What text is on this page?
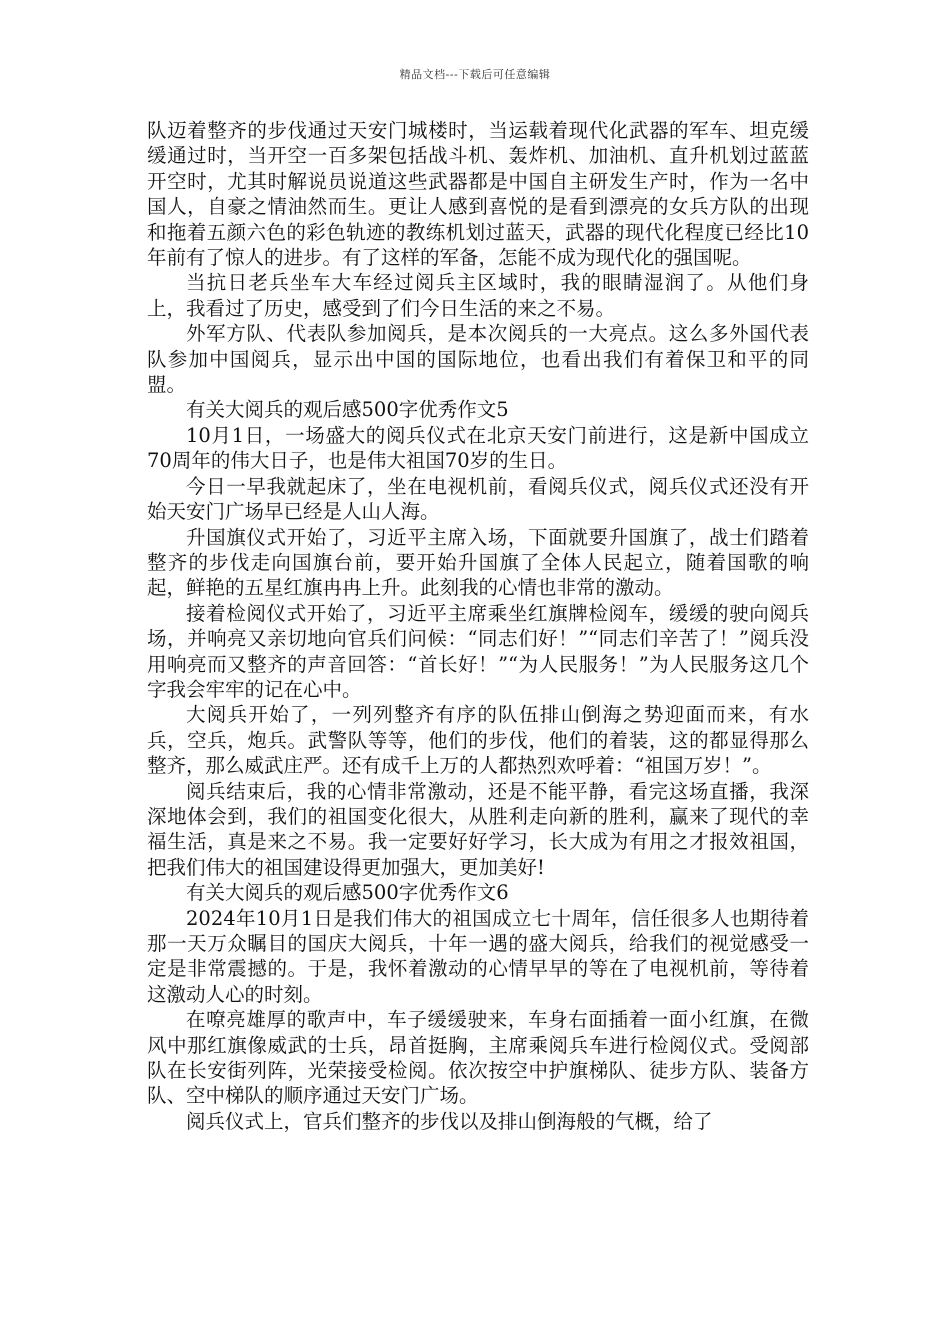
精品文档---下载后可任意编辑

队迈着整齐的步伐通过天安门城楼时，当运载着现代化武器的军车、坦克缓缓通过时，当开空一百多架包括战斗机、轰炸机、加油机、直升机划过蓝蓝开空时，尤其时解说员说道这些武器都是中国自主研发生产时，作为一名中国人，自豪之情油然而生。更让人感到喜悦的是看到漂亮的女兵方队的出现和拖着五颜六色的彩色轨迹的教练机划过蓝天，武器的现代化程度已经比10年前有了惊人的进步。有了这样的军备，怎能不成为现代化的强国呢。

当抗日老兵坐车大车经过阅兵主区域时，我的眼睛湿润了。从他们身上，我看过了历史，感受到了们今日生活的来之不易。

外军方队、代表队参加阅兵，是本次阅兵的一大亮点。这么多外国代表队参加中国阅兵，显示出中国的国际地位，也看出我们有着保卫和平的同盟。

有关大阅兵的观后感500字优秀作文5

10月1日，一场盛大的阅兵仪式在北京天安门前进行，这是新中国成立70周年的伟大日子，也是伟大祖国70岁的生日。

今日一早我就起床了，坐在电视机前，看阅兵仪式，阅兵仪式还没有开始天安门广场早已经是人山人海。

升国旗仪式开始了，习近平主席入场，下面就要升国旗了，战士们踏着整齐的步伐走向国旗台前，要开始升国旗了全体人民起立，随着国歌的响起，鲜艳的五星红旗冉冉上升。此刻我的心情也非常的激动。

接着检阅仪式开始了，习近平主席乘坐红旗牌检阅车，缓缓的驶向阅兵场，并响亮又亲切地向官兵们问候：“同志们好！”“同志们辛苦了！”阅兵没用响亮而又整齐的声音回答：“首长好！”“为人民服务！”为人民服务这几个字我会牢牢的记在心中。

大阅兵开始了，一列列整齐有序的队伍排山倒海之势迎面而来，有水兵，空兵，炮兵。武警队等等，他们的步伐，他们的着装，这的都显得那么整齐，那么威武庄严。还有成千上万的人都热烈欢呼着：“祖国万岁！”。

阅兵结束后，我的心情非常激动，还是不能平静，看完这场直播，我深深地体会到，我们的祖国变化很大，从胜利走向新的胜利，赢来了现代的幸福生活，真是来之不易。我一定要好好学习，长大成为有用之才报效祖国，把我们伟大的祖国建设得更加强大，更加美好!

有关大阅兵的观后感500字优秀作文6

2024年10月1日是我们伟大的祖国成立七十周年，信任很多人也期待着那一天万众瞩目的国庆大阅兵，十年一遇的盛大阅兵，给我们的视觉感受一定是非常震撼的。于是，我怀着激动的心情早早的等在了电视机前，等待着这激动人心的时刻。

在嘹亮雄厚的歌声中，车子缓缓驶来，车身右面插着一面小红旗，在微风中那红旗像威武的士兵，昂首挺胸，主席乘阅兵车进行检阅仪式。受阅部队在长安街列阵，光荣接受检阅。依次按空中护旗梯队、徒步方队、装备方队、空中梯队的顺序通过天安门广场。

阅兵仪式上，官兵们整齐的步伐以及排山倒海般的气概，给了
